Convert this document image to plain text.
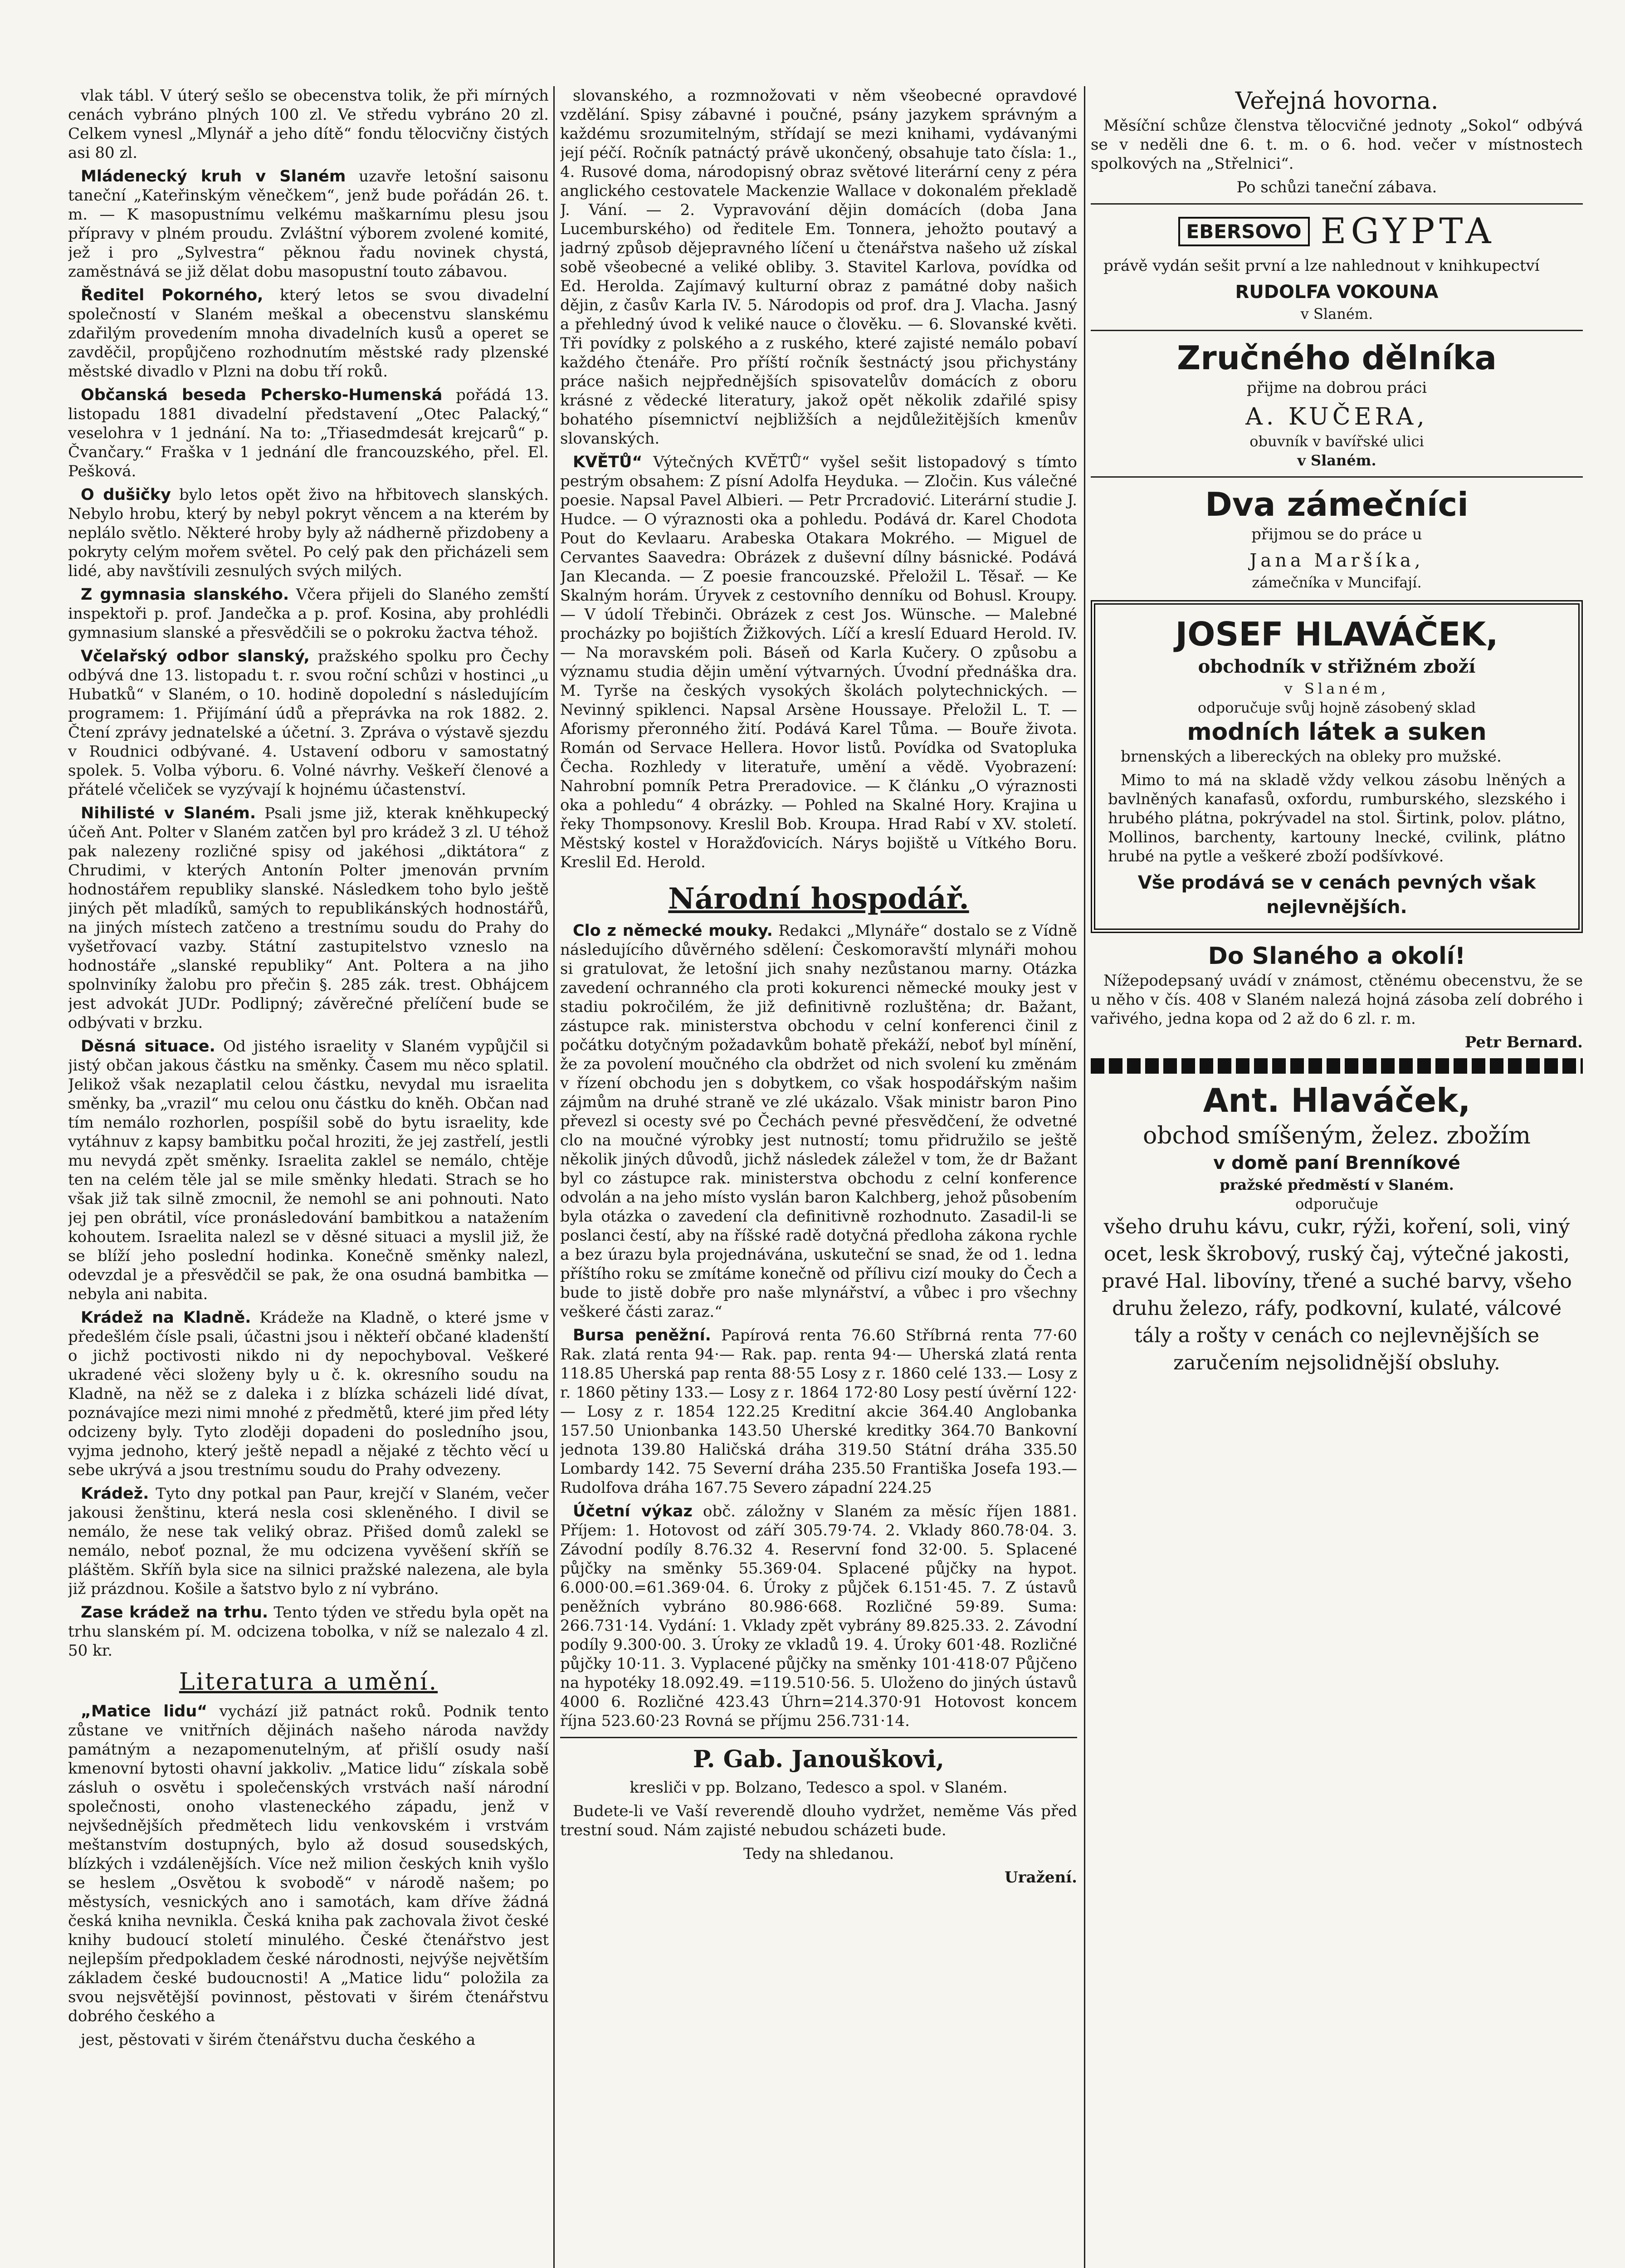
vlak tábl. V úterý sešlo se obecenstva tolik, že při mírných cenách vybráno plných 100 zl. Ve středu vybráno 20 zl. Celkem vynesl „Mlynář a jeho dítě“ fondu tělocvičny čistých asi 80 zl.

Mládenecký kruh v Slaném uzavře letošní saisonu taneční „Kateřinským věnečkem“, jenž bude pořádán 26. t. m. — K masopustnímu velkému maškarnímu plesu jsou přípravy v plném proudu. Zvláštní výborem zvolené komité, jež i pro „Sylvestra“ pěknou řadu novinek chystá, zaměstnává se již dělat dobu masopustní touto zábavou.

Ředitel Pokorného, který letos se svou divadelní společností v Slaném meškal a obecenstvu slanskému zdařilým provedením mnoha divadelních kusů a operet se zavděčil, propůjčeno rozhodnutím městské rady plzenské městské divadlo v Plzni na dobu tří roků.

Občanská beseda Pchersko-Humenská pořádá 13. listopadu 1881 divadelní představení „Otec Palacký,“ veselohra v 1 jednání. Na to: „Třiasedmdesát krejcarů“ p. Čvančary.“ Fraška v 1 jednání dle francouzského, přel. El. Pešková.

O dušičky bylo letos opět živo na hřbitovech slanských. Nebylo hrobu, který by nebyl pokryt věncem a na kterém by neplálo světlo. Některé hroby byly až nádherně přizdobeny a pokryty celým mořem světel. Po celý pak den přicházeli sem lidé, aby navštívili zesnulých svých milých.

Z gymnasia slanského. Včera přijeli do Slaného zemští inspektoři p. prof. Jandečka a p. prof. Kosina, aby prohlédli gymnasium slanské a přesvědčili se o pokroku žactva téhož.

Včelařský odbor slanský, pražského spolku pro Čechy odbývá dne 13. listopadu t. r. svou roční schůzi v hostinci „u Hubatků“ v Slaném, o 10. hodině dopolední s následujícím programem: 1. Přijímání údů a přeprávka na rok 1882. 2. Čtení zprávy jednatelské a účetní. 3. Zpráva o výstavě sjezdu v Roudnici odbývané. 4. Ustavení odboru v samostatný spolek. 5. Volba výboru. 6. Volné návrhy. Veškeří členové a přátelé včeliček se vyzývají k hojnému účastenství.

Nihilisté v Slaném. Psali jsme již, kterak kněhkupecký účeň Ant. Polter v Slaném zatčen byl pro krádež 3 zl. U téhož pak nalezeny rozličné spisy od jakéhosi „diktátora“ z Chrudimi, v kterých Antonín Polter jmenován prvním hodnostářem republiky slanské. Následkem toho bylo ještě jiných pět mladíků, samých to republikánských hodnostářů, na jiných místech zatčeno a trestnímu soudu do Prahy do vyšetřovací vazby. Státní zastupitelstvo vzneslo na hodnostáře „slanské republiky“ Ant. Poltera a na jiho spolnviníky žalobu pro přečin §. 285 zák. trest. Obhájcem jest advokát JUDr. Podlipný; závěrečné přelíčení bude se odbývati v brzku.

Děsná situace. Od jistého israelity v Slaném vypůjčil si jistý občan jakous částku na směnky. Časem mu něco splatil. Jelikož však nezaplatil celou částku, nevydal mu israelita směnky, ba „vrazil“ mu celou onu částku do kněh. Občan nad tím nemálo rozhorlen, pospíšil sobě do bytu israelity, kde vytáhnuv z kapsy bambitku počal hroziti, že jej zastřelí, jestli mu nevydá zpět směnky. Israelita zaklel se nemálo, chtěje ten na celém těle jal se mile směnky hledati. Strach se ho však již tak silně zmocnil, že nemohl se ani pohnouti. Nato jej pen obrátil, více pronásledování bambitkou a natažením kohoutem. Israelita nalezl se v děsné situaci a myslil již, že se blíží jeho poslední hodinka. Konečně směnky nalezl, odevzdal je a přesvědčil se pak, že ona osudná bambitka — nebyla ani nabita.

Krádež na Kladně. Krádeže na Kladně, o které jsme v předešlém čísle psali, účastni jsou i někteří občané kladenští o jichž poctivosti nikdo ni dy nepochyboval. Veškeré ukradené věci složeny byly u č. k. okresního soudu na Kladně, na něž se z daleka i z blízka scházeli lidé dívat, poznávajíce mezi nimi mnohé z předmětů, které jim před léty odcizeny byly. Tyto zloději dopadeni do posledního jsou, vyjma jednoho, který ještě nepadl a nějaké z těchto věcí u sebe ukrývá a jsou trestnímu soudu do Prahy odvezeny.

Krádež. Tyto dny potkal pan Paur, krejčí v Slaném, večer jakousi ženštinu, která nesla cosi skleněného. I divil se nemálo, že nese tak veliký obraz. Přišed domů zalekl se nemálo, neboť poznal, že mu odcizena vyvěšení skříň se pláštěm. Skříň byla sice na silnici pražské nalezena, ale byla již prázdnou. Košile a šatstvo bylo z ní vybráno.

Zase krádež na trhu. Tento týden ve středu byla opět na trhu slanském pí. M. odcizena tobolka, v níž se nalezalo 4 zl. 50 kr.

Literatura a umění.

„Matice lidu“ vychází již patnáct roků. Podnik tento zůstane ve vnitřních dějinách našeho národa navždy památným a nezapomenutelným, ať přišlí osudy naší kmenovní bytosti ohavní jakkoliv. „Matice lidu“ získala sobě zásluh o osvětu i společenských vrstvách naší národní společnosti, onoho vlasteneckého západu, jenž v nejvšednějších předmětech lidu venkovském i vrstvám meštanstvím dostupných, bylo až dosud sousedských, blízkých i vzdálenějších. Více než milion českých knih vyšlo se heslem „Osvětou k svobodě“ v národě našem; po městysích, vesnických ano i samotách, kam dříve žádná česká kniha nevnikla. Česká kniha pak zachovala život české knihy budoucí století minulého. České čtenářstvo jest nejlepším předpokladem české národnosti, nejvýše největším základem české budoucnosti! A „Matice lidu“ položila za svou nejsvětější povinnost, pěstovati v širém čtenářstvu dobrého českého a

jest, pěstovati v širém čtenářstvu ducha českého a

slovanského, a rozmnožovati v něm všeobecné opravdové vzdělání. Spisy zábavné i poučné, psány jazykem správným a každému srozumitelným, střídají se mezi knihami, vydávanými její péčí. Ročník patnáctý právě ukončený, obsahuje tato čísla: 1., 4. Rusové doma, národopisný obraz světové literární ceny z péra anglického cestovatele Mackenzie Wallace v dokonalém překladě J. Vání. — 2. Vypravování dějin domácích (doba Jana Lucemburského) od ředitele Em. Tonnera, jehožto poutavý a jadrný způsob dějepravného líčení u čtenářstva našeho už získal sobě všeobecné a veliké obliby. 3. Stavitel Karlova, povídka od Ed. Herolda. Zajímavý kulturní obraz z památné doby našich dějin, z časův Karla IV. 5. Národopis od prof. dra J. Vlacha. Jasný a přehledný úvod k veliké nauce o člověku. — 6. Slovanské květi. Tři povídky z polského a z ruského, které zajisté nemálo pobaví každého čtenáře. Pro příští ročník šestnáctý jsou přichystány práce našich nejpřednějších spisovatelův domácích z oboru krásné z vědecké literatury, jakož opět několik zdařilé spisy bohatého písemnictví nejbližších a nejdůležitějších kmenův slovanských.

KVĚTŮ“ Výtečných KVĚTŮ“ vyšel sešit listopadový s tímto pestrým obsahem: Z písní Adolfa Heyduka. — Zločin. Kus válečné poesie. Napsal Pavel Albieri. — Petr Prcradović. Literární studie J. Hudce. — O výraznosti oka a pohledu. Podává dr. Karel Chodota Pout do Kevlaaru. Arabeska Otakara Mokrého. — Miguel de Cervantes Saavedra: Obrázek z duševní dílny básnické. Podává Jan Klecanda. — Z poesie francouzské. Přeložil L. Těsař. — Ke Skalným horám. Úryvek z cestovního denníku od Bohusl. Kroupy. — V údolí Třebinči. Obrázek z cest Jos. Wünsche. — Malebné procházky po bojištích Žižkových. Líčí a kreslí Eduard Herold. IV. — Na moravském poli. Báseň od Karla Kučery. O způsobu a významu studia dějin umění výtvarných. Úvodní přednáška dra. M. Tyrše na českých vysokých školách polytechnických. — Nevinný spiklenci. Napsal Arsène Houssaye. Přeložil L. T. — Aforismy přeronného žití. Podává Karel Tůma. — Bouře života. Román od Servace Hellera. Hovor listů. Povídka od Svatopluka Čecha. Rozhledy v literatuře, umění a vědě. Vyobrazení: Nahrobní pomník Petra Preradovice. — K článku „O výraznosti oka a pohledu“ 4 obrázky. — Pohled na Skalné Hory. Krajina u řeky Thompsonovy. Kreslil Bob. Kroupa. Hrad Rabí v XV. století. Městský kostel v Horažďovicích. Nárys bojiště u Vítkého Boru. Kreslil Ed. Herold.

Národní hospodář.

Clo z německé mouky. Redakci „Mlynáře“ dostalo se z Vídně následujícího důvěrného sdělení: Českomoravští mlynáři mohou si gratulovat, že letošní jich snahy nezůstanou marny. Otázka zavedení ochranného cla proti kokurenci německé mouky jest v stadiu pokročilém, že již definitivně rozluštěna; dr. Bažant, zástupce rak. ministerstva obchodu v celní konferenci činil z počátku dotyčným požadavkům bohatě překáží, neboť byl mínění, že za povolení moučného cla obdržet od nich svolení ku změnám v řízení obchodu jen s dobytkem, co však hospodářským našim zájmům na druhé straně ve zlé ukázalo. Však ministr baron Pino převezl si ocesty své po Čechách pevné přesvědčení, že odvetné clo na moučné výrobky jest nutností; tomu přidružilo se ještě několik jiných důvodů, jichž následek záležel v tom, že dr Bažant byl co zástupce rak. ministerstva obchodu z celní konference odvolán a na jeho místo vyslán baron Kalchberg, jehož působením byla otázka o zavedení cla definitivně rozhodnuto. Zasadil-li se poslanci čestí, aby na říšské radě dotyčná předloha zákona rychle a bez úrazu byla projednávána, uskuteční se snad, že od 1. ledna příštího roku se zmítáme konečně od přílivu cizí mouky do Čech a bude to jistě dobře pro naše mlynářství, a vůbec i pro všechny veškeré části zaraz.“

Bursa peněžní. Papírová renta 76.60 Stříbrná renta 77·60 Rak. zlatá renta 94·— Rak. pap. renta 94·— Uherská zlatá renta 118.85 Uherská pap renta 88·55 Losy z r. 1860 celé 133.— Losy z r. 1860 pětiny 133.— Losy z r. 1864 172·80 Losy pestí úvěrní 122·— Losy z r. 1854 122.25 Kreditní akcie 364.40 Anglobanka 157.50 Unionbanka 143.50 Uherské kreditky 364.70 Bankovní jednota 139.80 Haličská dráha 319.50 Státní dráha 335.50 Lombardy 142. 75 Severní dráha 235.50 Františka Josefa 193.— Rudolfova dráha 167.75 Severo západní 224.25

Účetní výkaz obč. záložny v Slaném za měsíc říjen 1881. Příjem: 1. Hotovost od září 305.79·74. 2. Vklady 860.78·04. 3. Závodní podíly 8.76.32 4. Reservní fond 32·00. 5. Splacené půjčky na směnky 55.369·04. Splacené půjčky na hypot. 6.000·00.=61.369·04. 6. Úroky z půjček 6.151·45. 7. Z ústavů peněžních vybráno 80.986·668. Rozličné 59·89. Suma: 266.731·14. Vydání: 1. Vklady zpět vybrány 89.825.33. 2. Závodní podíly 9.300·00. 3. Úroky ze vkladů 19. 4. Úroky 601·48. Rozličné půjčky 10·11. 3. Vyplacené půjčky na směnky 101·418·07 Půjčeno na hypotéky 18.092.49. =119.510·56. 5. Uloženo do jiných ústavů 4000 6. Rozličné 423.43 Úhrn=214.370·91 Hotovost koncem října 523.60·23 Rovná se příjmu 256.731·14.

P. Gab. Janouškovi,

kresliči v pp. Bolzano, Tedesco a spol. v Slaném.

Budete-li ve Vaší reverendě dlouho vydržet, neměme Vás před trestní soud. Nám zajisté nebudou scházeti bude.

Tedy na shledanou.

Uražení.

Veřejná hovorna.

Měsíční schůze členstva tělocvičné jednoty „Sokol“ odbývá se v neděli dne 6. t. m. o 6. hod. večer v místnostech spolkových na „Střelnici“.

Po schůzi taneční zábava.

EBERSOVO EGYPTA

právě vydán sešit první a lze nahlednout v knihkupectví

RUDOLFA VOKOUNA
v Slaném.
Zručného dělníka

přijme na dobrou práci

A. KUČERA,
obuvník v bavířské ulici
v Slaném.
Dva zámečníci

přijmou se do práce u

Jana Maršíka,
zámečníka v Muncifají.
JOSEF HLAVÁČEK,
obchodník v střižném zboží
v Slaném,
odporučuje svůj hojně zásobený sklad
modních látek a suken

brnenských a libereckých na obleky pro mužské.

Mimo to má na skladě vždy velkou zásobu lněných a bavlněných kanafasů, oxfordu, rumburského, slezského i hrubého plátna, pokrývadel na stol. Širtink, polov. plátno, Mollinos, barchenty, kartouny lnecké, cvilink, plátno hrubé na pytle a veškeré zboží podšívkové.

Vše prodává se v cenách pevných však nejlevnějších.
Do Slaného a okolí!

Nížepodepsaný uvádí v známost, ctěnému obecenstvu, že se u něho v čís. 408 v Slaném nalezá hojná zásoba zelí dobrého i vařivého, jedna kopa od 2 až do 6 zl. r. m.

Petr Bernard.

Ant. Hlaváček,
obchod smíšeným, želez. zbožím
v domě paní Brenníkové
pražské předměstí v Slaném.
odporučuje

všeho druhu kávu, cukr, rýži, koření, soli, viný ocet, lesk škrobový, ruský čaj, výtečné jakosti, pravé Hal. libovíny, třené a suché barvy, všeho druhu železo, ráfy, podkovní, kulaté, válcové tály a rošty v cenách co nejlevnějších se zaručením nejsolidnější obsluhy.
